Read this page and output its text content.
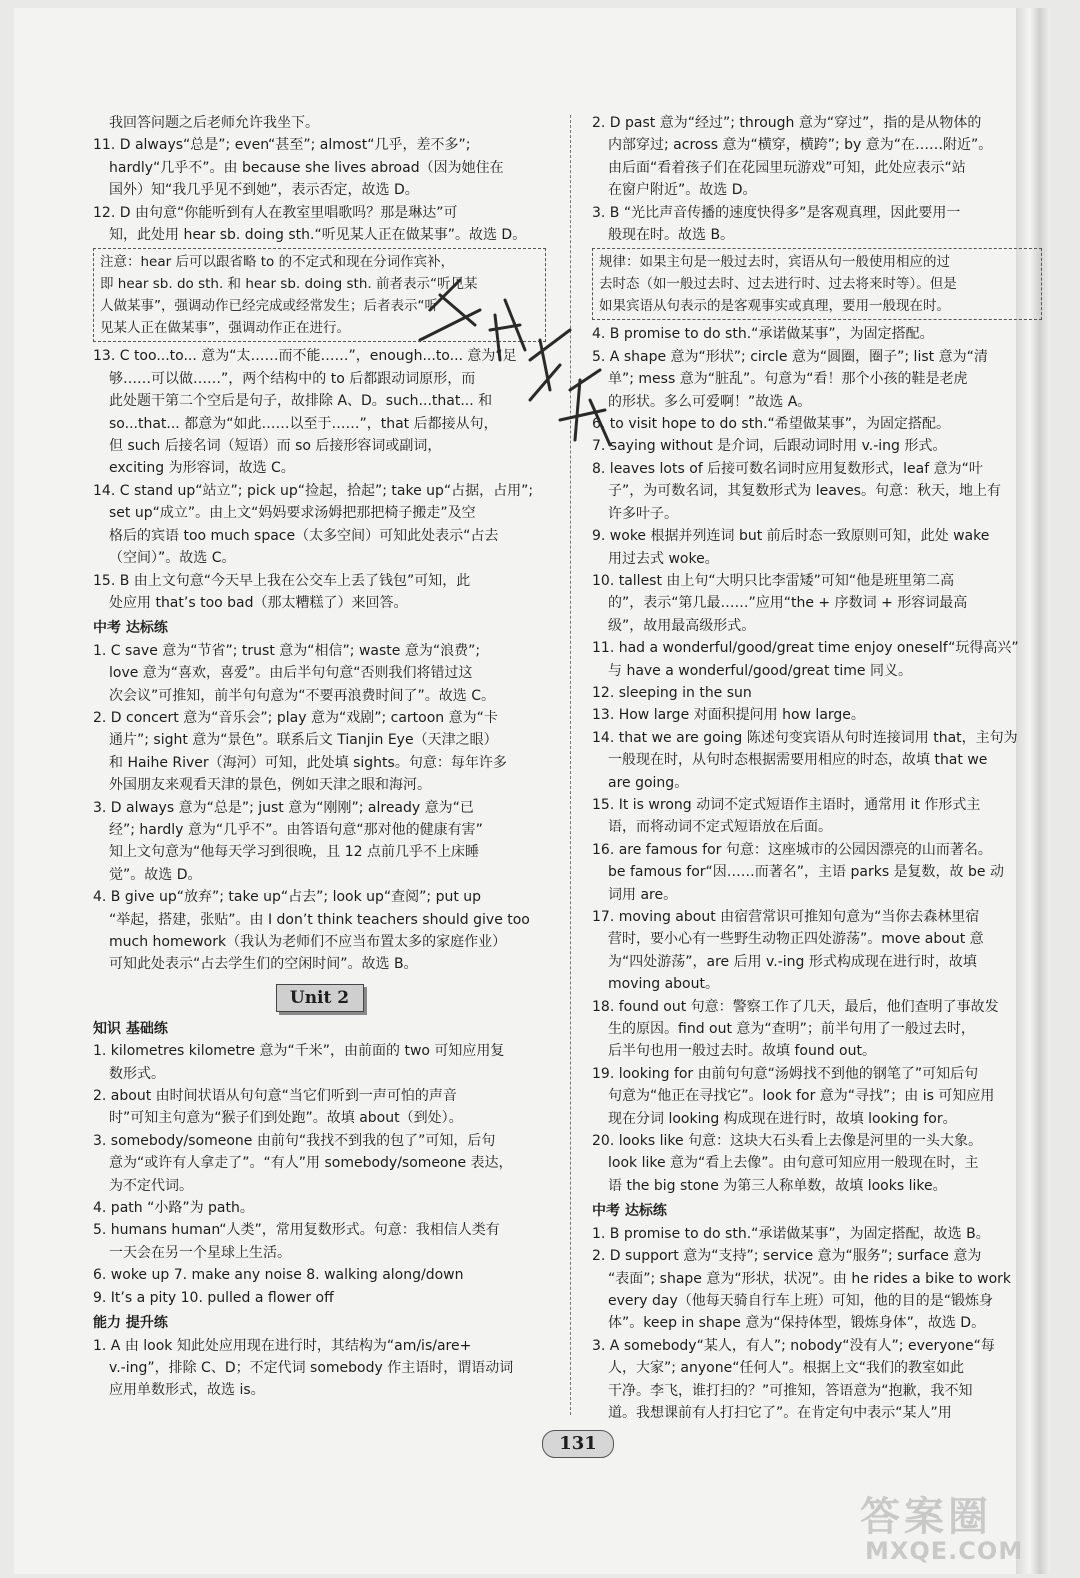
我回答问题之后老师允许我坐下。

11. D always“总是”; even“甚至”; almost“几乎，差不多”;

hardly“几乎不”。由 because she lives abroad（因为她住在

国外）知“我几乎见不到她”，表示否定，故选 D。

12. D 由句意“你能听到有人在教室里唱歌吗？那是琳达”可

知，此处用 hear sb. doing sth.“听见某人正在做某事”。故选 D。

注意：hear 后可以跟省略 to 的不定式和现在分词作宾补，
即 hear sb. do sth. 和 hear sb. doing sth. 前者表示“听见某
人做某事”，强调动作已经完成或经常发生；后者表示“听
见某人正在做某事”，强调动作正在进行。

13. C too...to... 意为“太……而不能……”，enough...to... 意为“足

够……可以做……”，两个结构中的 to 后都跟动词原形，而

此处题干第二个空后是句子，故排除 A、D。such...that... 和

so...that... 都意为“如此……以至于……”，that 后都接从句，

但 such 后接名词（短语）而 so 后接形容词或副词，

exciting 为形容词，故选 C。

14. C stand up“站立”; pick up“捡起，拾起”; take up“占据，占用”;

set up“成立”。由上文“妈妈要求汤姆把那把椅子搬走”及空

格后的宾语 too much space（太多空间）可知此处表示“占去

（空间）”。故选 C。

15. B 由上文句意“今天早上我在公交车上丢了钱包”可知，此

处应用 that’s too bad（那太糟糕了）来回答。

中考 达标练

1. C save 意为“节省”; trust 意为“相信”; waste 意为“浪费”;

love 意为“喜欢，喜爱”。由后半句句意“否则我们将错过这

次会议”可推知，前半句句意为“不要再浪费时间了”。故选 C。

2. D concert 意为“音乐会”; play 意为“戏剧”; cartoon 意为“卡

通片”; sight 意为“景色”。联系后文 Tianjin Eye（天津之眼）

和 Haihe River（海河）可知，此处填 sights。句意：每年许多

外国朋友来观看天津的景色，例如天津之眼和海河。

3. D always 意为“总是”; just 意为“刚刚”; already 意为“已

经”; hardly 意为“几乎不”。由答语句意“那对他的健康有害”

知上文句意为“他每天学习到很晚，且 12 点前几乎不上床睡

觉”。故选 D。

4. B give up“放弃”; take up“占去”; look up“查阅”; put up

“举起，搭建，张贴”。由 I don’t think teachers should give too

much homework（我认为老师们不应当布置太多的家庭作业）

可知此处表示“占去学生们的空闲时间”。故选 B。

Unit 2

知识 基础练

1. kilometres kilometre 意为“千米”，由前面的 two 可知应用复

数形式。

2. about 由时间状语从句句意“当它们听到一声可怕的声音

时”可知主句意为“猴子们到处跑”。故填 about（到处）。

3. somebody/someone 由前句“我找不到我的包了”可知，后句

意为“或许有人拿走了”。“有人”用 somebody/someone 表达，

为不定代词。

4. path “小路”为 path。

5. humans human“人类”，常用复数形式。句意：我相信人类有

一天会在另一个星球上生活。

6. woke up 7. make any noise 8. walking along/down

9. It’s a pity 10. pulled a flower off

能力 提升练

1. A 由 look 知此处应用现在进行时，其结构为“am/is/are+

v.-ing”，排除 C、D；不定代词 somebody 作主语时，谓语动词

应用单数形式，故选 is。

2. D past 意为“经过”; through 意为“穿过”，指的是从物体的

内部穿过; across 意为“横穿，横跨”; by 意为“在……附近”。

由后面“看着孩子们在花园里玩游戏”可知，此处应表示“站

在窗户附近”。故选 D。

3. B “光比声音传播的速度快得多”是客观真理，因此要用一

般现在时。故选 B。

规律：如果主句是一般过去时，宾语从句一般使用相应的过
去时态（如一般过去时、过去进行时、过去将来时等）。但是
如果宾语从句表示的是客观事实或真理，要用一般现在时。

4. B promise to do sth.“承诺做某事”，为固定搭配。

5. A shape 意为“形状”; circle 意为“圆圈，圈子”; list 意为“清

单”; mess 意为“脏乱”。句意为“看！那个小孩的鞋是老虎

的形状。多么可爱啊！”故选 A。

6. to visit hope to do sth.“希望做某事”，为固定搭配。

7. saying without 是介词，后跟动词时用 v.-ing 形式。

8. leaves lots of 后接可数名词时应用复数形式，leaf 意为“叶

子”，为可数名词，其复数形式为 leaves。句意：秋天，地上有

许多叶子。

9. woke 根据并列连词 but 前后时态一致原则可知，此处 wake

用过去式 woke。

10. tallest 由上句“大明只比李雷矮”可知“他是班里第二高

的”，表示“第几最……”应用“the + 序数词 + 形容词最高

级”，故用最高级形式。

11. had a wonderful/good/great time enjoy oneself“玩得高兴”

与 have a wonderful/good/great time 同义。

12. sleeping in the sun

13. How large 对面积提问用 how large。

14. that we are going 陈述句变宾语从句时连接词用 that，主句为

一般现在时，从句时态根据需要用相应的时态，故填 that we

are going。

15. It is wrong 动词不定式短语作主语时，通常用 it 作形式主

语，而将动词不定式短语放在后面。

16. are famous for 句意：这座城市的公园因漂亮的山而著名。

be famous for“因……而著名”，主语 parks 是复数，故 be 动

词用 are。

17. moving about 由宿营常识可推知句意为“当你去森林里宿

营时，要小心有一些野生动物正四处游荡”。move about 意

为“四处游荡”，are 后用 v.-ing 形式构成现在进行时，故填

moving about。

18. found out 句意：警察工作了几天，最后，他们查明了事故发

生的原因。find out 意为“查明”；前半句用了一般过去时，

后半句也用一般过去时。故填 found out。

19. looking for 由前句句意“汤姆找不到他的钢笔了”可知后句

句意为“他正在寻找它”。look for 意为“寻找”；由 is 可知应用

现在分词 looking 构成现在进行时，故填 looking for。

20. looks like 句意：这块大石头看上去像是河里的一头大象。

look like 意为“看上去像”。由句意可知应用一般现在时，主

语 the big stone 为第三人称单数，故填 looks like。

中考 达标练

1. B promise to do sth.“承诺做某事”，为固定搭配，故选 B。

2. D support 意为“支持”; service 意为“服务”; surface 意为

“表面”; shape 意为“形状，状况”。由 he rides a bike to work

every day（他每天骑自行车上班）可知，他的目的是“锻炼身

体”。keep in shape 意为“保持体型，锻炼身体”，故选 D。

3. A somebody“某人，有人”; nobody“没有人”; everyone“每

人，大家”; anyone“任何人”。根据上文“我们的教室如此

干净。李飞，谁打扫的？”可推知，答语意为“抱歉，我不知

道。我想课前有人打扫它了”。在肯定句中表示“某人”用

131
答案圈
MXQE.COM
